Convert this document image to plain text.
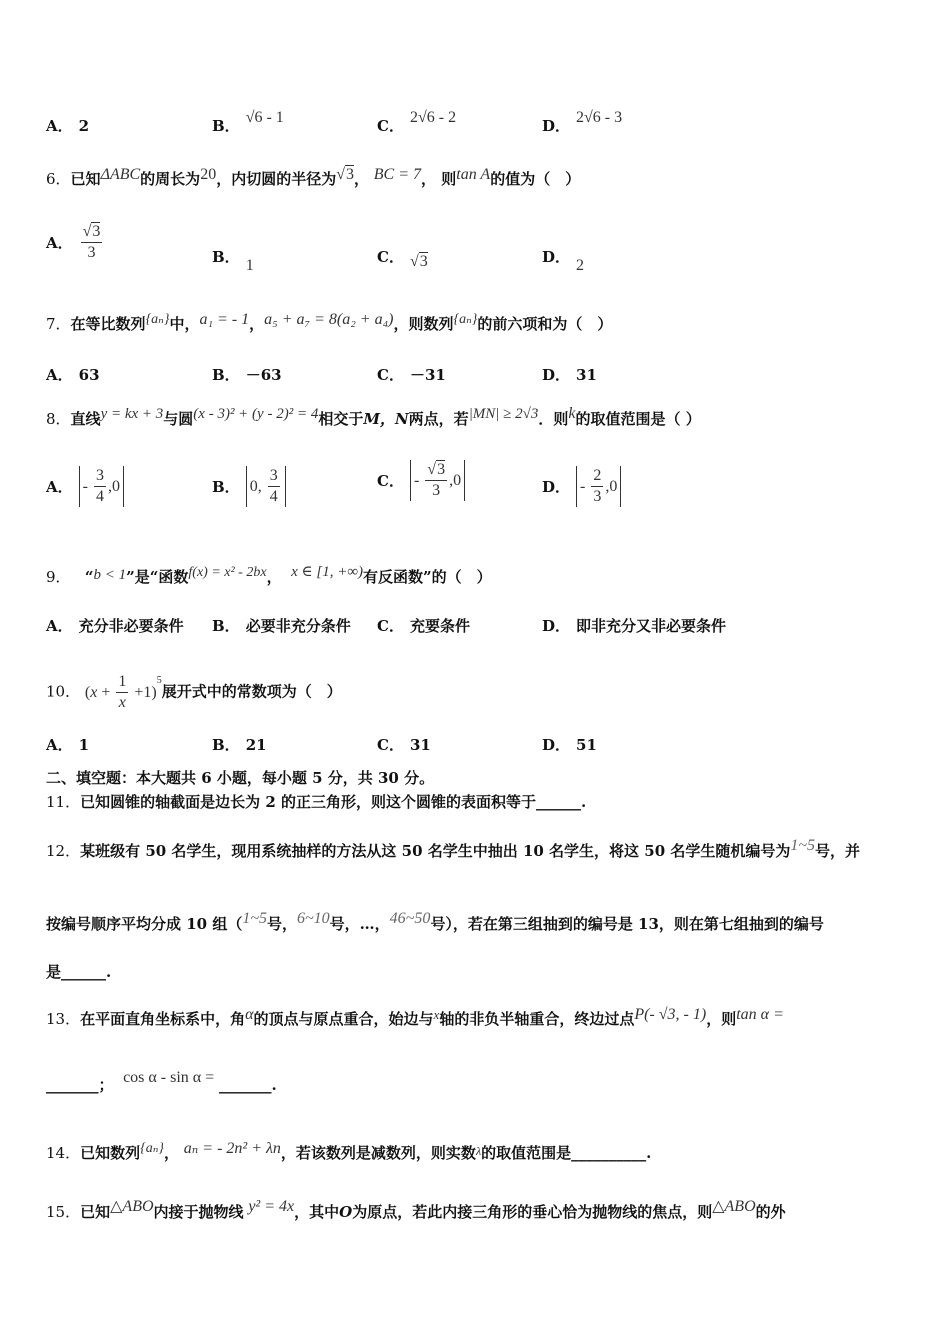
A． 2	B． √6 - 1	C． 2√6 - 2	D． 2√6 - 3
6．已知ΔABC的周长为20，内切圆的半径为√3， BC = 7， 则tan A的值为（　）
A． $\frac{√3}{3}$	B． 1	C． √3	D． 2
7．在等比数列{aₙ}中，a₁ = - 1，a₅ + a₇ = 8(a₂ + a₄)，则数列{aₙ}的前六项和为（　）
A． 63	B． －63	C． －31	D． 31
8．直线y = kx + 3与圆(x - 3)² + (y - 2)² = 4相交于M，N两点，若|MN| ≥ 2√3．则k的取值范围是（ ）
A． - $\frac{3}{4} ,0$	B． 0, $\frac{3}{4}$	C． - $\frac{√3}{3} ,0$	D． - $\frac{2}{3} ,0$
9． “b < 1”是“函数f(x) = x² - 2bx， x ∈ [1, +∞)有反函数”的（　）
A． 充分非必要条件 B． 必要非充分条件 C． 充要条件	D． 即非充分又非必要条件
10． ( $x + \frac{1}{x} +1$)
$^5$
展开式中的常数项为（　）
A． 1	B． 21	C． 31	D． 51
二、填空题：本大题共 6 小题，每小题 5 分，共 30 分。
11．已知圆锥的轴截面是边长为 2 的正三角形，则这个圆锥的表面积等于______.
12．某班级有 50 名学生，现用系统抽样的方法从这 50 名学生中抽出 10 名学生，将这 50 名学生随机编号为1~5号，并
按编号顺序平均分成 10 组（1~5号，6~10号，…，46~50号），若在第三组抽到的编号是 13，则在第七组抽到的编号
是______.
13．在平面直角坐标系中，角α的顶点与原点重合，始边与x轴的非负半轴重合，终边过点P(- √3, - 1)，则tan α =
_______； cos α - sin α = _______.
14．已知数列{aₙ}， aₙ = - 2n² + λn，若该数列是减数列，则实数$^\lambda$的取值范围是__________.
15．已知△ABO内接于抛物线 y² = 4x，其中O为原点，若此内接三角形的垂心恰为抛物线的焦点，则△ABO的外
